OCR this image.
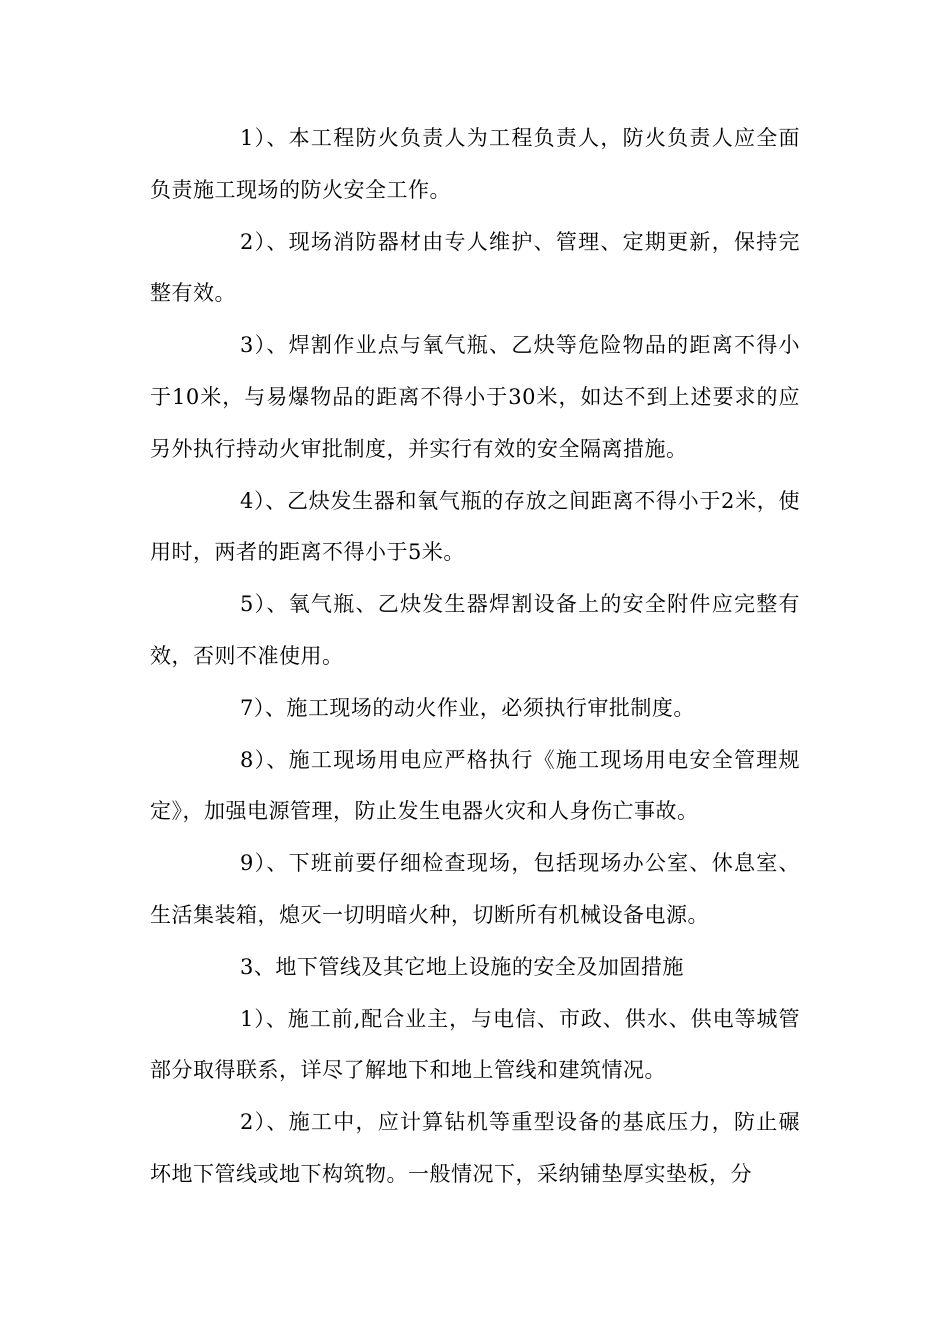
1）、本工程防火负责人为工程负责人，防火负责人应全面负责施工现场的防火安全工作。

2）、现场消防器材由专人维护、管理、定期更新，保持完整有效。

3）、焊割作业点与氧气瓶、乙炔等危险物品的距离不得小于10米，与易爆物品的距离不得小于30米，如达不到上述要求的应另外执行持动火审批制度，并实行有效的安全隔离措施。

4）、乙炔发生器和氧气瓶的存放之间距离不得小于2米，使用时，两者的距离不得小于5米。

5）、氧气瓶、乙炔发生器焊割设备上的安全附件应完整有效，否则不准使用。

7）、施工现场的动火作业，必须执行审批制度。

8）、施工现场用电应严格执行《施工现场用电安全管理规定》，加强电源管理，防止发生电器火灾和人身伤亡事故。

9）、下班前要仔细检查现场，包括现场办公室、休息室、生活集装箱，熄灭一切明暗火种，切断所有机械设备电源。

3、地下管线及其它地上设施的安全及加固措施

1）、施工前,配合业主，与电信、市政、供水、供电等城管部分取得联系，详尽了解地下和地上管线和建筑情况。

2）、施工中，应计算钻机等重型设备的基底压力，防止碾坏地下管线或地下构筑物。一般情况下，采纳铺垫厚实垫板，分
